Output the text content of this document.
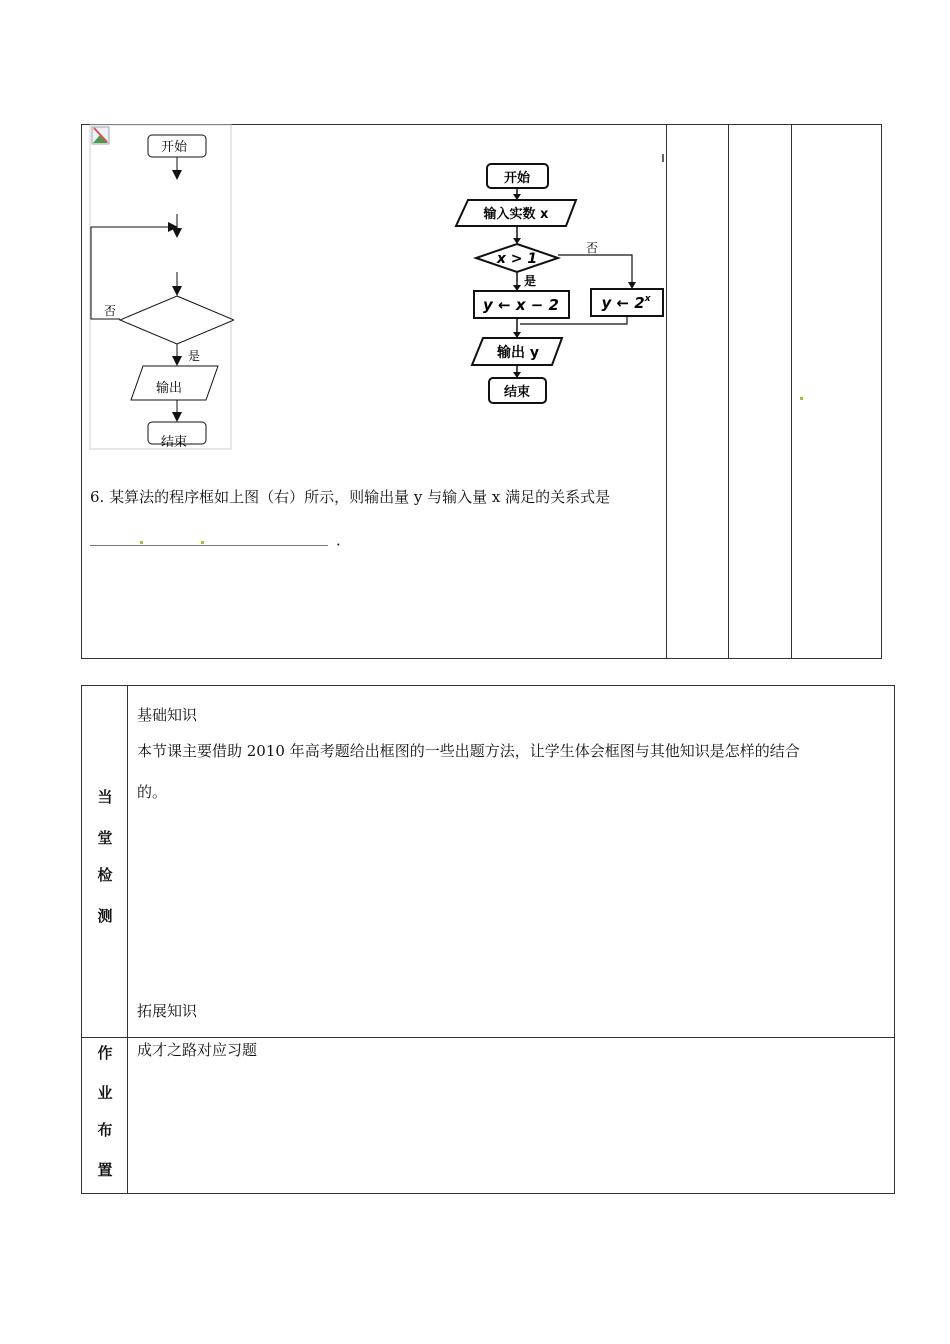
开始
否
是
输出
结束
开始
输入实数 x
x > 1
否
是
y ← x − 2	y ← 2$^x$
输出 y
结束
6. 某算法的程序框如上图（右）所示，则输出量 y 与输入量 x 满足的关系式是
．
当
堂
检
测
基础知识
本节课主要借助 2010 年高考题给出框图的一些出题方法，让学生体会框图与其他知识是怎样的结合
的。
拓展知识
作
业
布
置
成才之路对应习题
